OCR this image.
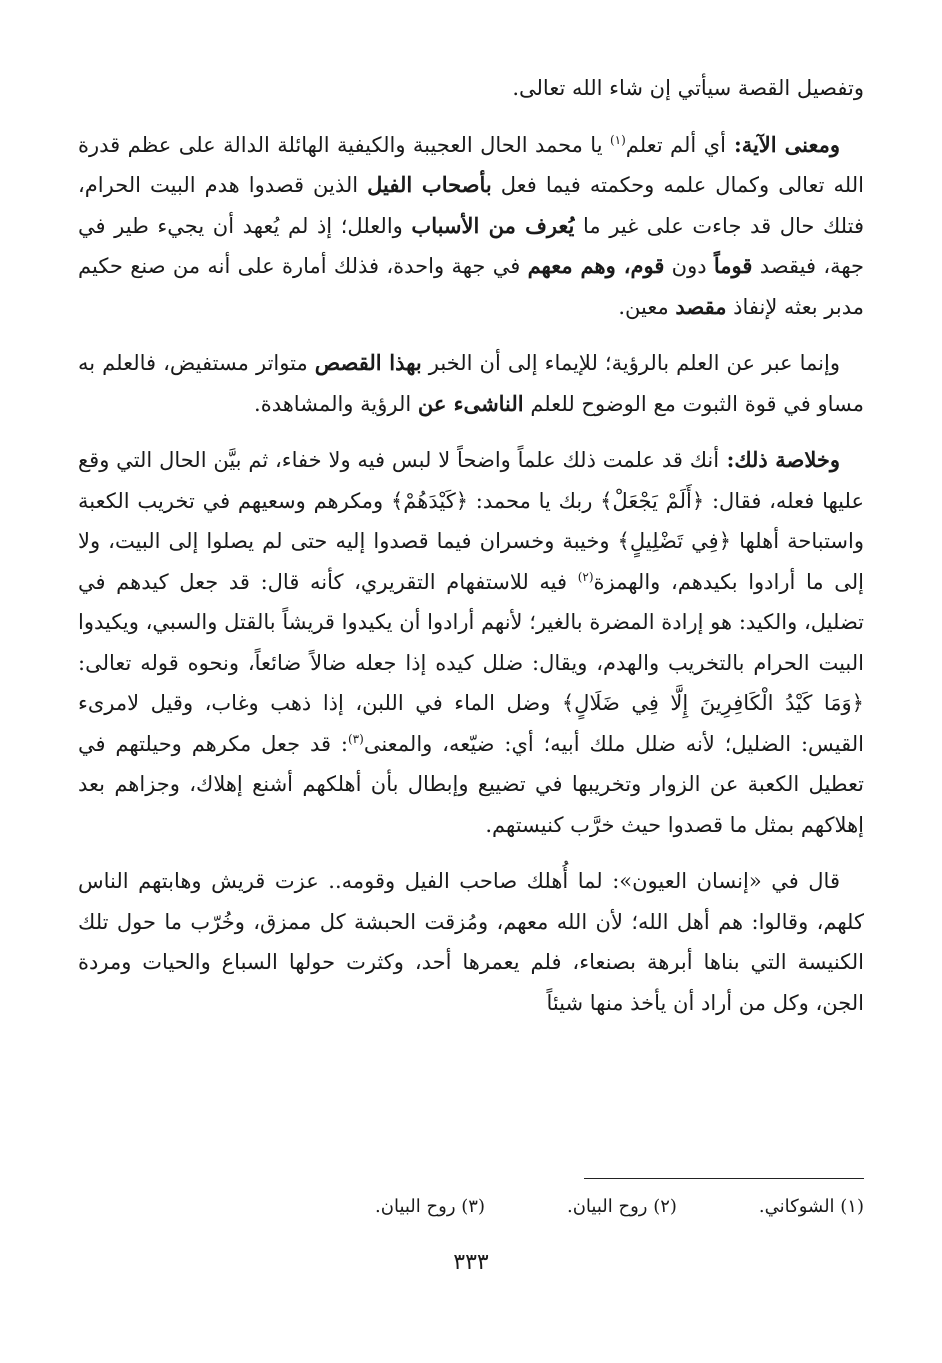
وتفصيل القصة سيأتي إن شاء الله تعالى.

ومعنى الآية: أي ألم تعلم$^{(١)}$ يا محمد الحال العجيبة والكيفية الهائلة الدالة على عظم قدرة الله تعالى وكمال علمه وحكمته فيما فعل بأصحاب الفيل الذين قصدوا هدم البيت الحرام، فتلك حال قد جاءت على غير ما يُعرف من الأسباب والعلل؛ إذ لم يُعهد أن يجيء طير في جهة، فيقصد قوماً دون قوم، وهم معهم في جهة واحدة، فذلك أمارة على أنه من صنع حكيم مدبر بعثه لإنفاذ مقصد معين.

وإنما عبر عن العلم بالرؤية؛ للإيماء إلى أن الخبر بهذا القصص متواتر مستفيض، فالعلم به مساو في قوة الثبوت مع الوضوح للعلم الناشىء عن الرؤية والمشاهدة.

وخلاصة ذلك: أنك قد علمت ذلك علماً واضحاً لا لبس فيه ولا خفاء، ثم بيَّن الحال التي وقع عليها فعله، فقال: ﴿أَلَمْ يَجْعَلْ﴾ ربك يا محمد: ﴿كَيْدَهُمْ﴾ ومكرهم وسعيهم في تخريب الكعبة واستباحة أهلها ﴿فِي تَضْلِيلٍ﴾ وخيبة وخسران فيما قصدوا إليه حتى لم يصلوا إلى البيت، ولا إلى ما أرادوا بكيدهم، والهمزة$^{(٢)}$ فيه للاستفهام التقريري، كأنه قال: قد جعل كيدهم في تضليل، والكيد: هو إرادة المضرة بالغير؛ لأنهم أرادوا أن يكيدوا قريشاً بالقتل والسبي، ويكيدوا البيت الحرام بالتخريب والهدم، ويقال: ضلل كيده إذا جعله ضالاً ضائعاً، ونحوه قوله تعالى: ﴿وَمَا كَيْدُ الْكَافِرِينَ إِلَّا فِي ضَلَالٍ﴾ وضل الماء في اللبن، إذا ذهب وغاب، وقيل لامرىء القيس: الضليل؛ لأنه ضلل ملك أبيه؛ أي: ضيّعه، والمعنى$^{(٣)}$: قد جعل مكرهم وحيلتهم في تعطيل الكعبة عن الزوار وتخريبها في تضييع وإبطال بأن أهلكهم أشنع إهلاك، وجزاهم بعد إهلاكهم بمثل ما قصدوا حيث خرَّب كنيستهم.

قال في «إنسان العيون»: لما أُهلك صاحب الفيل وقومه.. عزت قريش وهابتهم الناس كلهم، وقالوا: هم أهل الله؛ لأن الله معهم، ومُزقت الحبشة كل ممزق، وخُرّب ما حول تلك الكنيسة التي بناها أبرهة بصنعاء، فلم يعمرها أحد، وكثرت حولها السباع والحيات ومردة الجن، وكل من أراد أن يأخذ منها شيئاً

(١) الشوكاني.
(٢) روح البيان.
(٣) روح البيان.
٣٣٣
